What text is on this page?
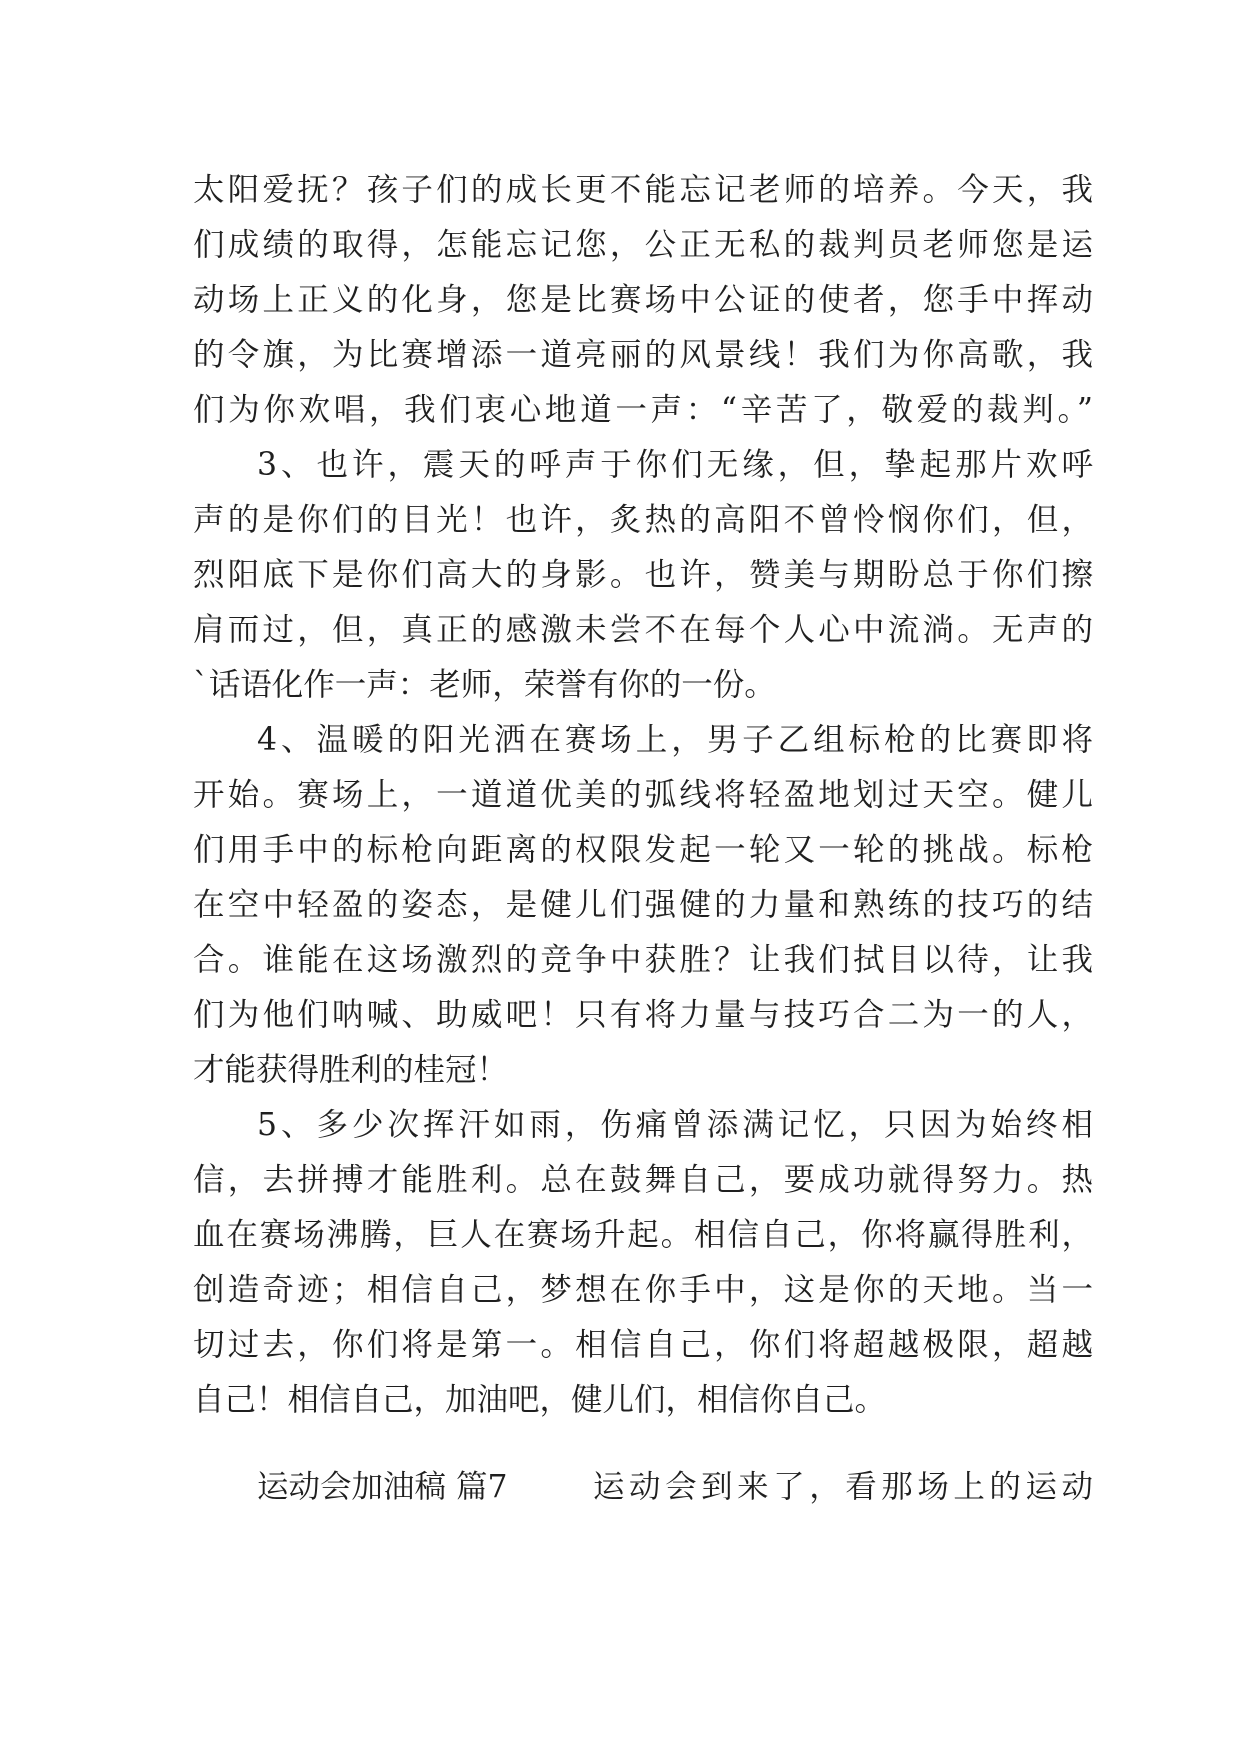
太阳爱抚？孩子们的成长更不能忘记老师的培养。今天，我
们成绩的取得，怎能忘记您，公正无私的裁判员老师您是运
动场上正义的化身，您是比赛场中公证的使者，您手中挥动
的令旗，为比赛增添一道亮丽的风景线！我们为你高歌，我
们为你欢唱，我们衷心地道一声：“辛苦了，敬爱的裁判。”
3、也许，震天的呼声于你们无缘，但，挚起那片欢呼
声的是你们的目光！也许，炙热的高阳不曾怜悯你们，但，
烈阳底下是你们高大的身影。也许，赞美与期盼总于你们擦
肩而过，但，真正的感激未尝不在每个人心中流淌。无声的
`话语化作一声：老师，荣誉有你的一份。
4、温暖的阳光洒在赛场上，男子乙组标枪的比赛即将
开始。赛场上，一道道优美的弧线将轻盈地划过天空。健儿
们用手中的标枪向距离的权限发起一轮又一轮的挑战。标枪
在空中轻盈的姿态，是健儿们强健的力量和熟练的技巧的结
合。谁能在这场激烈的竞争中获胜？让我们拭目以待，让我
们为他们呐喊、助威吧！只有将力量与技巧合二为一的人，
才能获得胜利的桂冠！
5、多少次挥汗如雨，伤痛曾添满记忆，只因为始终相
信，去拼搏才能胜利。总在鼓舞自己，要成功就得努力。热
血在赛场沸腾，巨人在赛场升起。相信自己，你将赢得胜利，
创造奇迹；相信自己，梦想在你手中，这是你的天地。当一
切过去，你们将是第一。相信自己，你们将超越极限，超越
自己！相信自己，加油吧，健儿们，相信你自己。
运动会加油稿 篇7	运动会到来了，看那场上的运动
